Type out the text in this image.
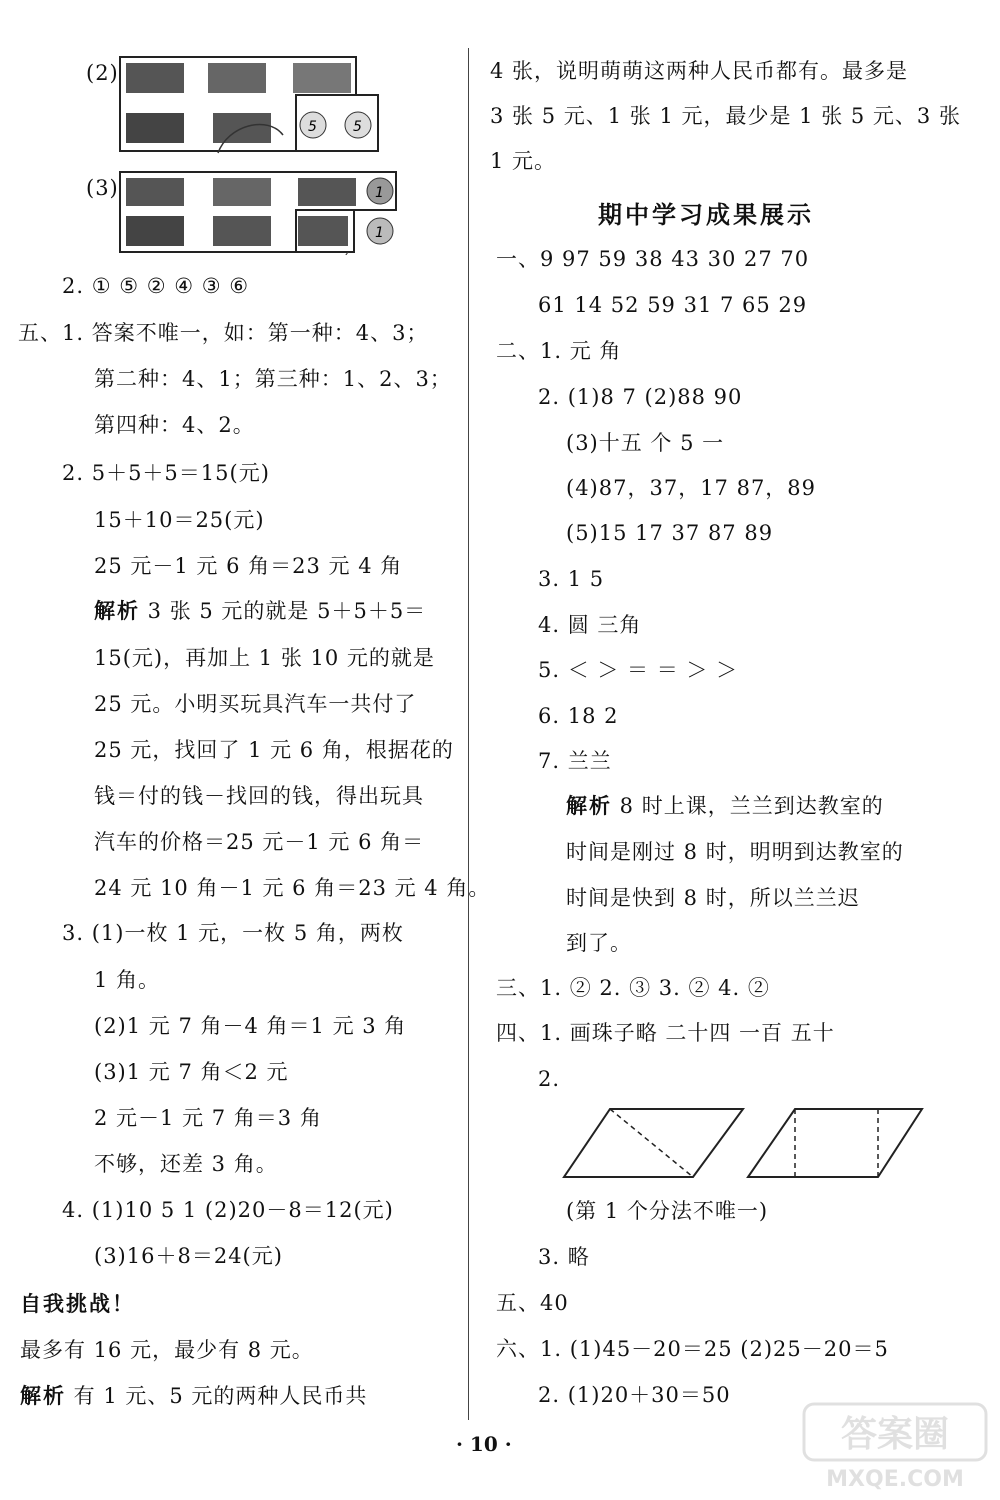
(2)
5	5
(3)	1
1
2. ① ⑤ ② ④ ③ ⑥
五、1. 答案不唯一，如：第一种：4、3；
第二种：4、1；第三种：1、2、3；
第四种：4、2。
2. 5＋5＋5＝15(元)
15＋10＝25(元)
25 元－1 元 6 角＝23 元 4 角
解析 3 张 5 元的就是 5＋5＋5＝
15(元)，再加上 1 张 10 元的就是
25 元。小明买玩具汽车一共付了
25 元，找回了 1 元 6 角，根据花的
钱＝付的钱－找回的钱，得出玩具
汽车的价格＝25 元－1 元 6 角＝
24 元 10 角－1 元 6 角＝23 元 4 角。
3. (1)一枚 1 元，一枚 5 角，两枚
1 角。
(2)1 元 7 角－4 角＝1 元 3 角
(3)1 元 7 角＜2 元
2 元－1 元 7 角＝3 角
不够，还差 3 角。
4. (1)10 5 1 (2)20－8＝12(元)
(3)16＋8＝24(元)
自我挑战！
最多有 16 元，最少有 8 元。
解析 有 1 元、5 元的两种人民币共
4 张，说明萌萌这两种人民币都有。最多是
3 张 5 元、1 张 1 元，最少是 1 张 5 元、3 张
1 元。
期中学习成果展示
一、9 97 59 38 43 30 27 70
61 14 52 59 31 7 65 29
二、1. 元 角
2. (1)8 7 (2)88 90
(3)十五 个 5 一
(4)87，37，17 87，89
(5)15 17 37 87 89
3. 1 5
4. 圆 三角
5. ＜ ＞ ＝ ＝ ＞ ＞
6. 18 2
7. 兰兰
解析 8 时上课，兰兰到达教室的
时间是刚过 8 时，明明到达教室的
时间是快到 8 时，所以兰兰迟
到了。
三、1. ② 2. ③ 3. ② 4. ②
四、1. 画珠子略 二十四 一百 五十
2.
(第 1 个分法不唯一)
3. 略
五、40
六、1. (1)45－20＝25 (2)25－20＝5
2. (1)20＋30＝50
· 10 ·	答案圈
MXQE.COM
